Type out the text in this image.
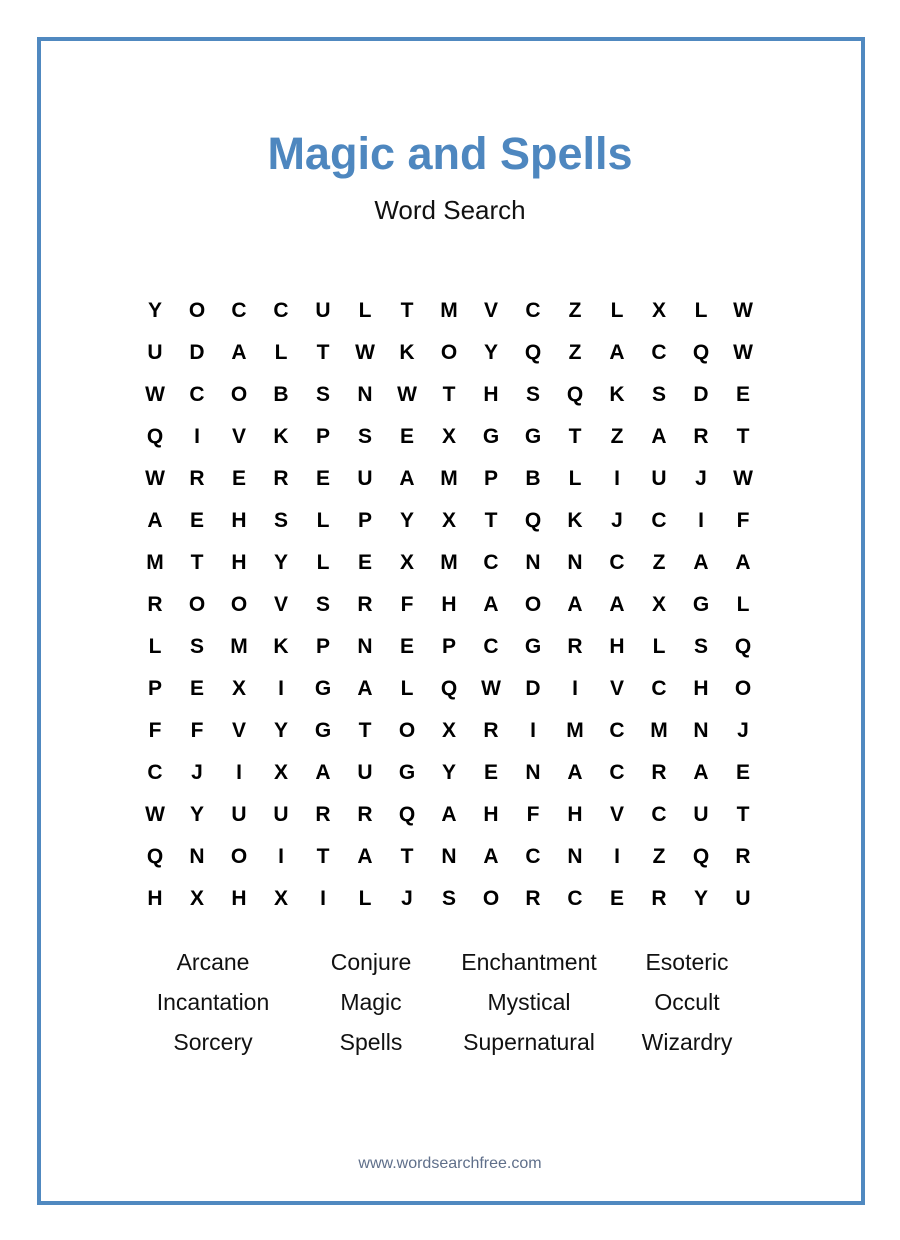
Magic and Spells
Word Search
Y	O	C	C	U	L	T	M	V	C	Z	L	X	L	W
U	D	A	L	T	W	K	O	Y	Q	Z	A	C	Q	W
W	C	O	B	S	N	W	T	H	S	Q	K	S	D	E
Q	I	V	K	P	S	E	X	G	G	T	Z	A	R	T
W	R	E	R	E	U	A	M	P	B	L	I	U	J	W
A	E	H	S	L	P	Y	X	T	Q	K	J	C	I	F
M	T	H	Y	L	E	X	M	C	N	N	C	Z	A	A
R	O	O	V	S	R	F	H	A	O	A	A	X	G	L
L	S	M	K	P	N	E	P	C	G	R	H	L	S	Q
P	E	X	I	G	A	L	Q	W	D	I	V	C	H	O
F	F	V	Y	G	T	O	X	R	I	M	C	M	N	J
C	J	I	X	A	U	G	Y	E	N	A	C	R	A	E
W	Y	U	U	R	R	Q	A	H	F	H	V	C	U	T
Q	N	O	I	T	A	T	N	A	C	N	I	Z	Q	R
H	X	H	X	I	L	J	S	O	R	C	E	R	Y	U
Arcane	Conjure	Enchantment	Esoteric
Incantation	Magic	Mystical	Occult
Sorcery	Spells	Supernatural	Wizardry
www.wordsearchfree.com
